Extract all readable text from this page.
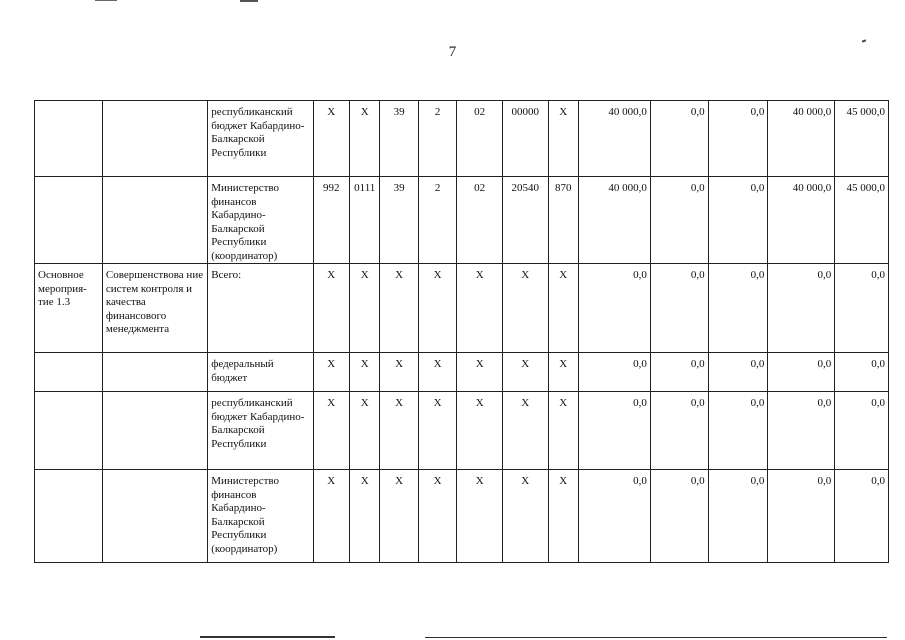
7
		республиканский бюджет Кабардино-Балкарской Республики	Х	Х	39	2	02	00000	Х	40 000,0	0,0	0,0	40 000,0	45 000,0
		Министерство финансов Кабардино-Балкарской Республики (координатор)	992	0111	39	2	02	20540	870	40 000,0	0,0	0,0	40 000,0	45 000,0
Основное мероприя-тие 1.3	Совершенствова ние систем контроля и качества финансового менеджмента	Всего:	Х	Х	Х	Х	Х	Х	Х	0,0	0,0	0,0	0,0	0,0
		федеральный бюджет	Х	Х	Х	Х	Х	Х	Х	0,0	0,0	0,0	0,0	0,0
		республиканский бюджет Кабардино-Балкарской Республики	Х	Х	Х	Х	Х	Х	Х	0,0	0,0	0,0	0,0	0,0
		Министерство финансов Кабардино-Балкарской Республики (координатор)	Х	Х	Х	Х	Х	Х	Х	0,0	0,0	0,0	0,0	0,0
